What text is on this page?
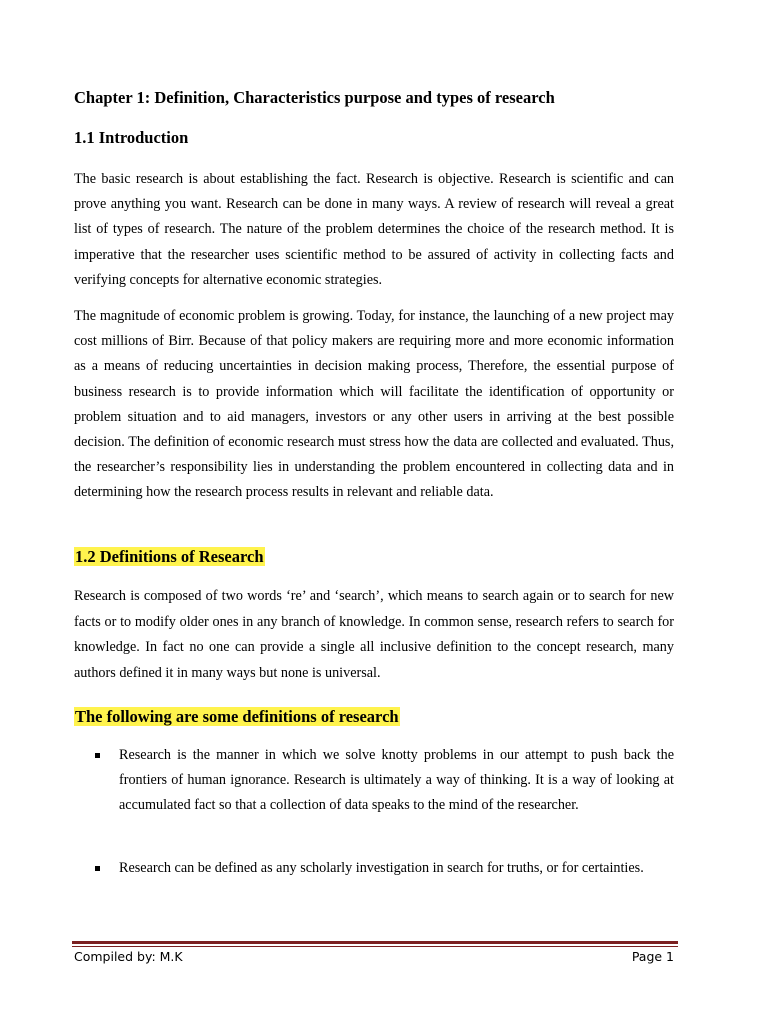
Chapter 1: Definition, Characteristics purpose and types of research
1.1 Introduction

The basic research is about establishing the fact. Research is objective. Research is scientific and can prove anything you want. Research can be done in many ways. A review of research will reveal a great list of types of research. The nature of the problem determines the choice of the research method. It is imperative that the researcher uses scientific method to be assured of activity in collecting facts and verifying concepts for alternative economic strategies.

The magnitude of economic problem is growing. Today, for instance, the launching of a new project may cost millions of Birr. Because of that policy makers are requiring more and more economic information as a means of reducing uncertainties in decision making process, Therefore, the essential purpose of business research is to provide information which will facilitate the identification of opportunity or problem situation and to aid managers, investors or any other users in arriving at the best possible decision. The definition of economic research must stress how the data are collected and evaluated. Thus, the researcher’s responsibility lies in understanding the problem encountered in collecting data and in determining how the research process results in relevant and reliable data.

1.2 Definitions of Research

Research is composed of two words ‘re’ and ‘search’, which means to search again or to search for new facts or to modify older ones in any branch of knowledge. In common sense, research refers to search for knowledge. In fact no one can provide a single all inclusive definition to the concept research, many authors defined it in many ways but none is universal.

The following are some definitions of research
Research is the manner in which we solve knotty problems in our attempt to push back the frontiers of human ignorance. Research is ultimately a way of thinking. It is a way of looking at accumulated fact so that a collection of data speaks to the mind of the researcher.
Research can be defined as any scholarly investigation in search for truths, or for certainties.
Compiled by: M.K	Page 1
